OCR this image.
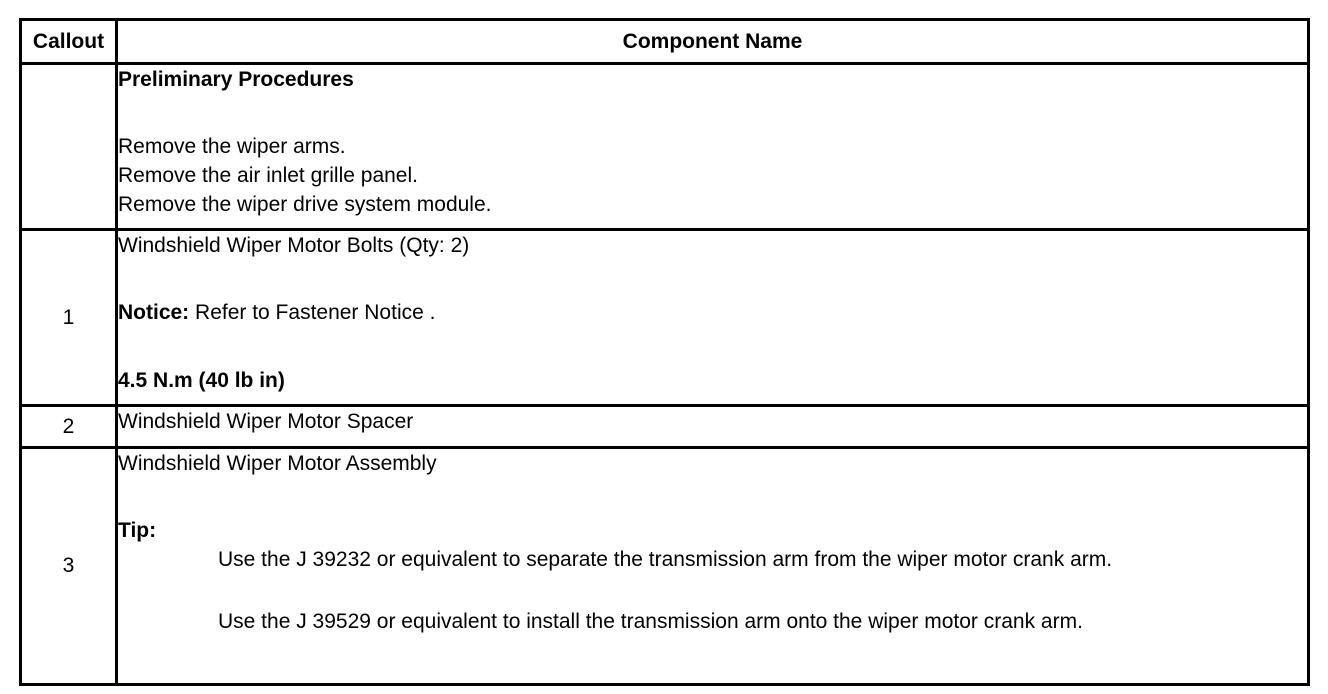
Callout	Component Name

	Preliminary Procedures
Remove the wiper arms.
Remove the air inlet grille panel.
Remove the wiper drive system module.

1	Windshield Wiper Motor Bolts (Qty: 2)
Notice: Refer to Fastener Notice .
4.5 N.m (40 lb in)

2	Windshield Wiper Motor Spacer

3	Windshield Wiper Motor Assembly
Tip:
Use the J 39232 or equivalent to separate the transmission arm from the wiper motor crank arm.
Use the J 39529 or equivalent to install the transmission arm onto the wiper motor crank arm.
